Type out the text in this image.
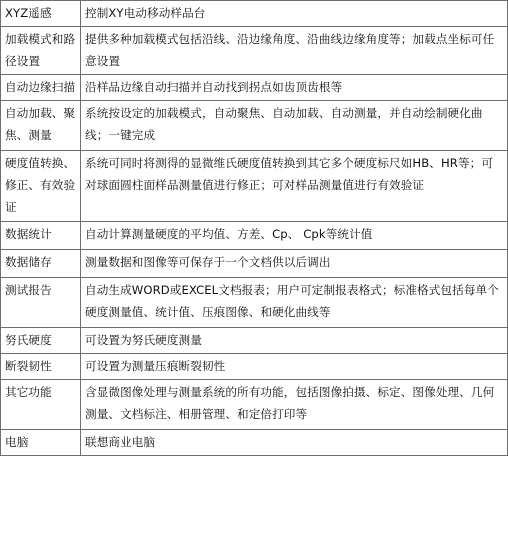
XYZ遥感	控制XY电动移动样品台
加载模式和路径设置	提供多种加载模式包括沿线、沿边缘角度、沿曲线边缘角度等；加载点坐标可任意设置
自动边缘扫描	沿样品边缘自动扫描并自动找到拐点如齿顶齿根等
自动加载、聚焦、测量	系统按设定的加载模式，自动聚焦、自动加载、自动测量，并自动绘制硬化曲线；一键完成
硬度值转换、修正、有效验证	系统可同时将测得的显微维氏硬度值转换到其它多个硬度标尺如HB、HR等；可对球面圆柱面样品测量值进行修正；可对样品测量值进行有效验证
数据统计	自动计算测量硬度的平均值、方差、Cp、 Cpk等统计值
数据储存	测量数据和图像等可保存于一个文档供以后调出
测试报告	自动生成WORD或EXCEL文档报表；用户可定制报表格式；标准格式包括每单个硬度测量值、统计值、压痕图像、和硬化曲线等
努氏硬度	可设置为努氏硬度测量
断裂韧性	可设置为测量压痕断裂韧性
其它功能	含显微图像处理与测量系统的所有功能，包括图像拍摄、标定、图像处理、几何测量、文档标注、相册管理、和定倍打印等
电脑	联想商业电脑
